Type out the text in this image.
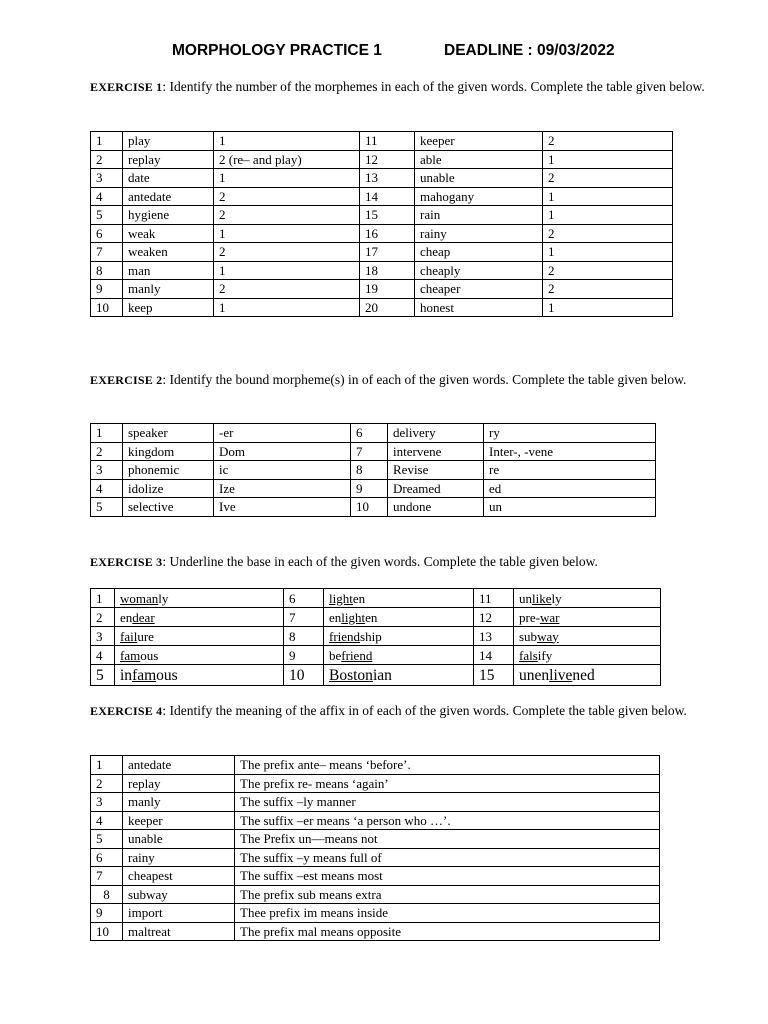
MORPHOLOGY PRACTICE 1	DEADLINE : 09/03/2022
EXERCISE 1: Identify the number of the morphemes in each of the given words. Complete the table given below.
1	play	1	11	keeper	2
2	replay	2 (re– and play)	12	able	1
3	date	1	13	unable	2
4	antedate	2	14	mahogany	1
5	hygiene	2	15	rain	1
6	weak	1	16	rainy	2
7	weaken	2	17	cheap	1
8	man	1	18	cheaply	2
9	manly	2	19	cheaper	2
10	keep	1	20	honest	1
EXERCISE 2: Identify the bound morpheme(s) in of each of the given words. Complete the table given below.
1	speaker	-er	6	delivery	ry
2	kingdom	Dom	7	intervene	Inter-, -vene
3	phonemic	ic	8	Revise	re
4	idolize	Ize	9	Dreamed	ed
5	selective	Ive	10	undone	un
EXERCISE 3: Underline the base in each of the given words. Complete the table given below.
1	womanly	6	lighten	11	unlikely
2	endear	7	enlighten	12	pre-war
3	failure	8	friendship	13	subway
4	famous	9	befriend	14	falsify
5	infamous	10	Bostonian	15	unenlivened
EXERCISE 4: Identify the meaning of the affix in of each of the given words. Complete the table given below.
1	antedate	The prefix ante– means ‘before’.
2	replay	The prefix re- means ‘again’
3	manly	The suffix –ly manner
4	keeper	The suffix –er means ‘a person who …’.
5	unable	The Prefix un—means not
6	rainy	The suffix –y means full of
7	cheapest	The suffix –est means most
8	subway	The prefix sub means extra
9	import	Thee prefix im means inside
10	maltreat	The prefix mal means opposite
